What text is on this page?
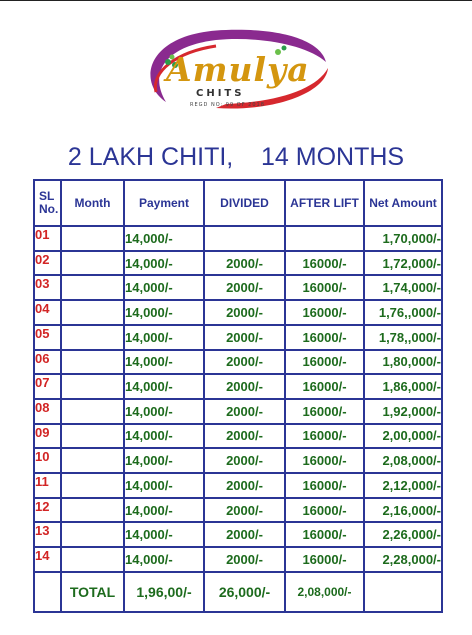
Amulya
CHITS
REGD NO: 99 OF 2018
2 LAKH CHITI,    14 MONTHS
SL
No.	Month	Payment	DIVIDED	AFTER LIFT	Net Amount
01		14,000/-			1,70,000/-
02		14,000/-	2000/-	16000/-	1,72,000/-
03		14,000/-	2000/-	16000/-	1,74,000/-
04		14,000/-	2000/-	16000/-	1,76,,000/-
05		14,000/-	2000/-	16000/-	1,78,,000/-
06		14,000/-	2000/-	16000/-	1,80,000/-
07		14,000/-	2000/-	16000/-	1,86,000/-
08		14,000/-	2000/-	16000/-	1,92,000/-
09		14,000/-	2000/-	16000/-	2,00,000/-
10		14,000/-	2000/-	16000/-	2,08,000/-
11		14,000/-	2000/-	16000/-	2,12,000/-
12		14,000/-	2000/-	16000/-	2,16,000/-
13		14,000/-	2000/-	16000/-	2,26,000/-
14		14,000/-	2000/-	16000/-	2,28,000/-
	TOTAL	1,96,00/-	26,000/-	2,08,000/-	
